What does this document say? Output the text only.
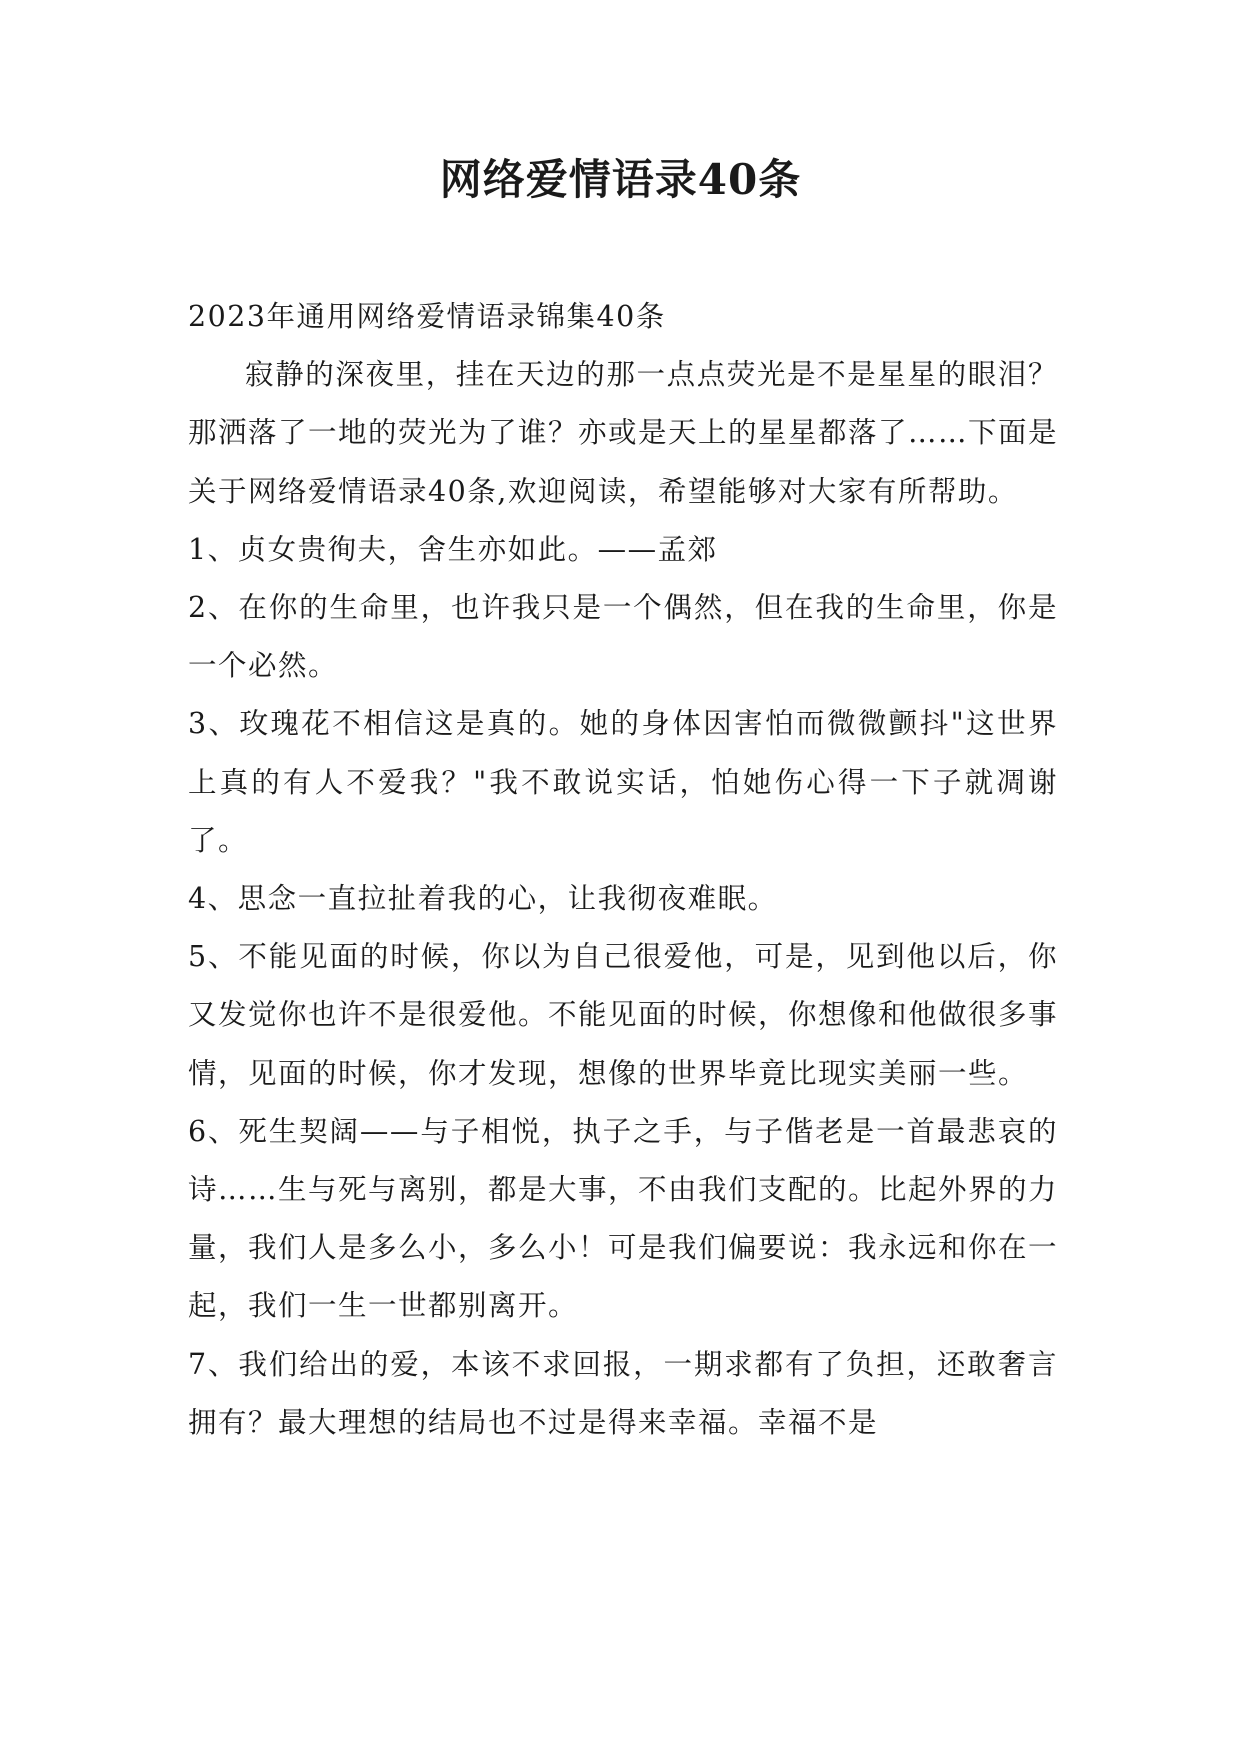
网络爱情语录40条

2023年通用网络爱情语录锦集40条

寂静的深夜里，挂在天边的那一点点荧光是不是星星的眼泪？那洒落了一地的荧光为了谁？亦或是天上的星星都落了……下面是关于网络爱情语录40条,欢迎阅读，希望能够对大家有所帮助。

1、贞女贵徇夫，舍生亦如此。——孟郊

2、在你的生命里，也许我只是一个偶然，但在我的生命里，你是一个必然。

3、玫瑰花不相信这是真的。她的身体因害怕而微微颤抖"这世界上真的有人不爱我？"我不敢说实话，怕她伤心得一下子就凋谢了。

4、思念一直拉扯着我的心，让我彻夜难眠。

5、不能见面的时候，你以为自己很爱他，可是，见到他以后，你又发觉你也许不是很爱他。不能见面的时候，你想像和他做很多事情，见面的时候，你才发现，想像的世界毕竟比现实美丽一些。

6、死生契阔——与子相悦，执子之手，与子偕老是一首最悲哀的诗……生与死与离别，都是大事，不由我们支配的。比起外界的力量，我们人是多么小，多么小！可是我们偏要说：我永远和你在一起，我们一生一世都别离开。

7、我们给出的爱，本该不求回报，一期求都有了负担，还敢奢言拥有？最大理想的结局也不过是得来幸福。幸福不是
